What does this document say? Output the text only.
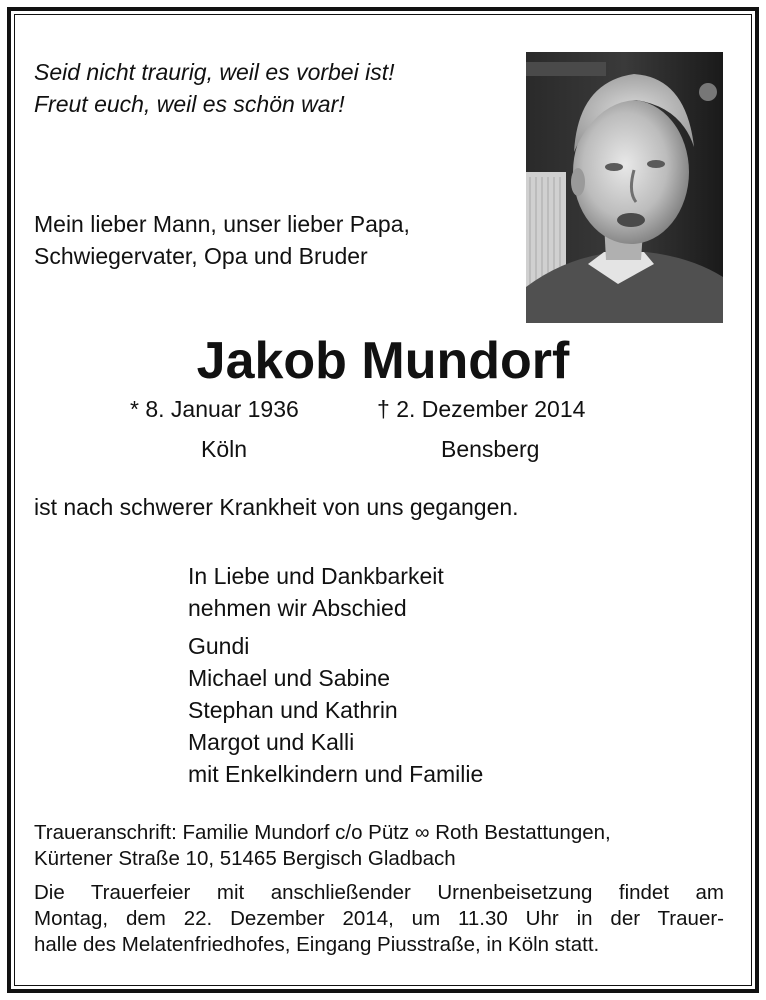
Seid nicht traurig, weil es vorbei ist!
Freut euch, weil es schön war!
Mein lieber Mann, unser lieber Papa,
Schwiegervater, Opa und Bruder
Jakob Mundorf
* 8. Januar 1936	† 2. Dezember 2014
Köln	Bensberg
ist nach schwerer Krankheit von uns gegangen.
In Liebe und Dankbarkeit
nehmen wir Abschied
Gundi
Michael und Sabine
Stephan und Kathrin
Margot und Kalli
mit Enkelkindern und Familie
Traueranschrift: Familie Mundorf c/o Pütz ∞ Roth Bestattungen,
Kürtener Straße 10, 51465 Bergisch Gladbach
Die Trauerfeier mit anschließender Urnenbeisetzung findet am
Montag, dem 22. Dezember 2014, um 11.30 Uhr in der Trauer-
halle des Melatenfriedhofes, Eingang Piusstraße, in Köln statt.
